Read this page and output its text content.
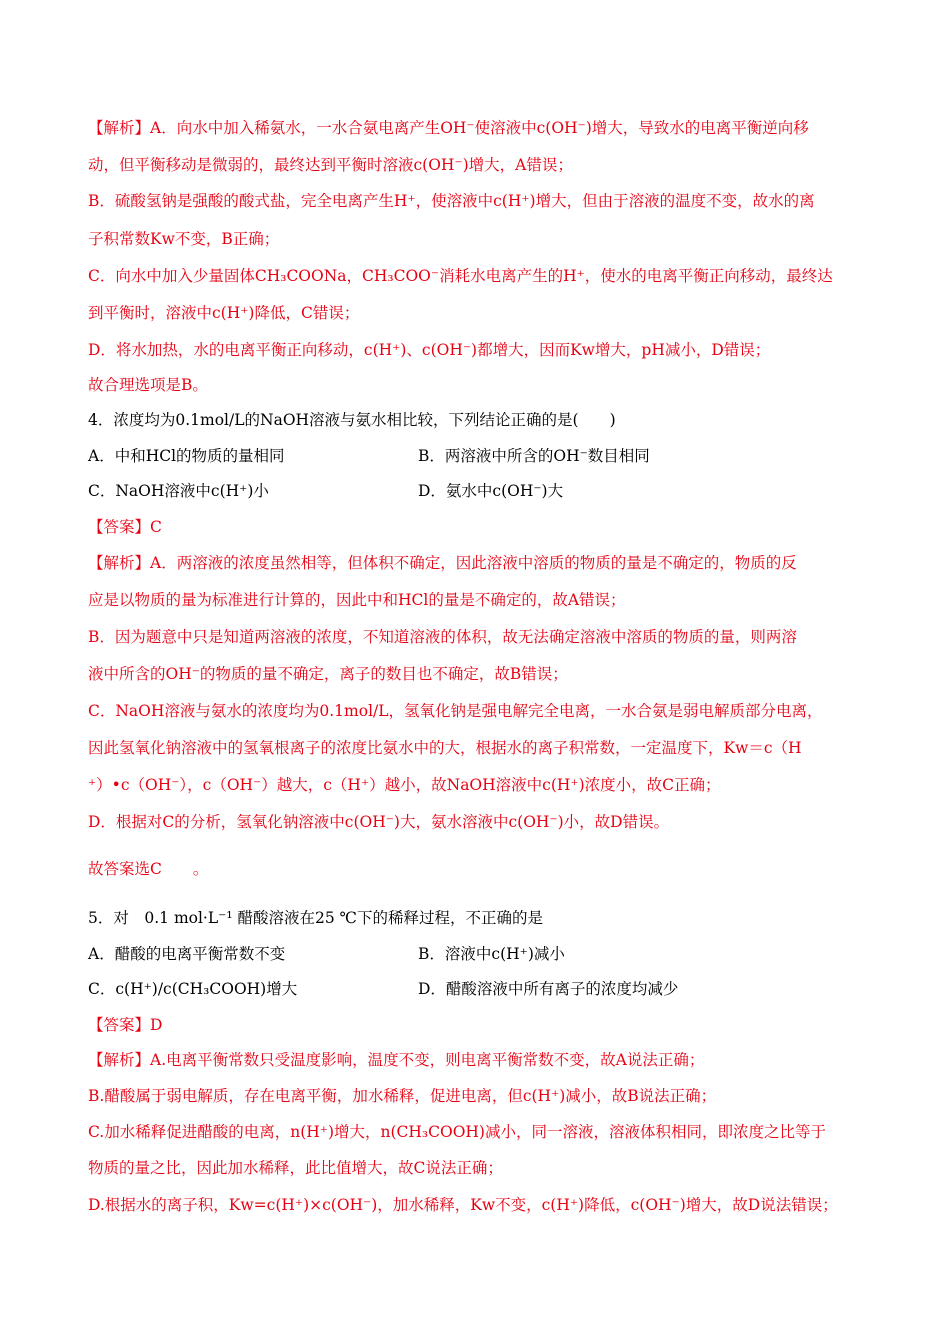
【解析】A．向水中加入稀氨水，一水合氨电离产生OH⁻使溶液中c(OH⁻)增大，导致水的电离平衡逆向移
动，但平衡移动是微弱的，最终达到平衡时溶液c(OH⁻)增大，A错误；
B．硫酸氢钠是强酸的酸式盐，完全电离产生H⁺，使溶液中c(H⁺)增大，但由于溶液的温度不变，故水的离
子积常数Kw不变，B正确；
C．向水中加入少量固体CH₃COONa，CH₃COO⁻消耗水电离产生的H⁺，使水的电离平衡正向移动，最终达
到平衡时，溶液中c(H⁺)降低，C错误；
D．将水加热，水的电离平衡正向移动，c(H⁺)、c(OH⁻)都增大，因而Kw增大，pH减小，D错误；
故合理选项是B。
4．浓度均为0.1mol/L的NaOH溶液与氨水相比较，下列结论正确的是(　　)
A．中和HCl的物质的量相同	B．两溶液中所含的OH⁻数目相同
C．NaOH溶液中c(H⁺)小	D．氨水中c(OH⁻)大
【答案】C
【解析】A．两溶液的浓度虽然相等，但体积不确定，因此溶液中溶质的物质的量是不确定的，物质的反
应是以物质的量为标准进行计算的，因此中和HCl的量是不确定的，故A错误；
B．因为题意中只是知道两溶液的浓度，不知道溶液的体积，故无法确定溶液中溶质的物质的量，则两溶
液中所含的OH⁻的物质的量不确定，离子的数目也不确定，故B错误；
C．NaOH溶液与氨水的浓度均为0.1mol/L，氢氧化钠是强电解完全电离，一水合氨是弱电解质部分电离，
因此氢氧化钠溶液中的氢氧根离子的浓度比氨水中的大，根据水的离子积常数，一定温度下，Kw＝c（H
⁺）•c（OH⁻），c（OH⁻）越大，c（H⁺）越小，故NaOH溶液中c(H⁺)浓度小，故C正确；
D．根据对C的分析，氢氧化钠溶液中c(OH⁻)大，氨水溶液中c(OH⁻)小，故D错误。
故答案选C　　。
5．对　0.1 mol·L⁻¹ 醋酸溶液在25 ℃下的稀释过程，不正确的是
A．醋酸的电离平衡常数不变	B．溶液中c(H⁺)减小
C．c(H⁺)/c(CH₃COOH)增大	D．醋酸溶液中所有离子的浓度均减少
【答案】D
【解析】A.电离平衡常数只受温度影响，温度不变，则电离平衡常数不变，故A说法正确；
B.醋酸属于弱电解质，存在电离平衡，加水稀释，促进电离，但c(H⁺)减小，故B说法正确；
C.加水稀释促进醋酸的电离，n(H⁺)增大，n(CH₃COOH)减小，同一溶液，溶液体积相同，即浓度之比等于
物质的量之比，因此加水稀释，此比值增大，故C说法正确；
D.根据水的离子积，Kw=c(H⁺)×c(OH⁻)，加水稀释，Kw不变，c(H⁺)降低，c(OH⁻)增大，故D说法错误；
